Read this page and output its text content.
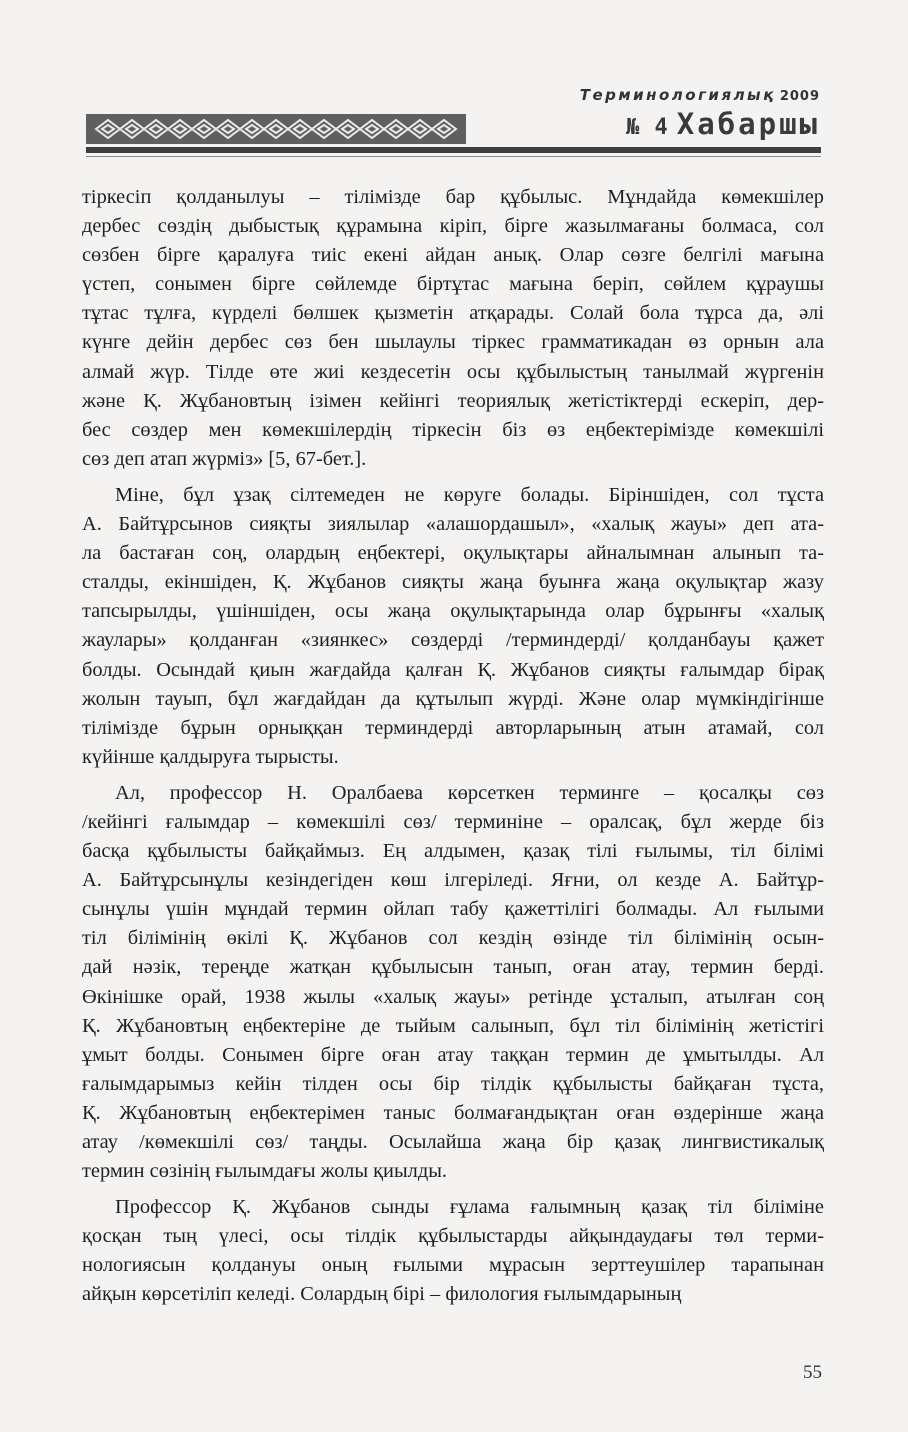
Терминологиялық 2009
№ 4 Хабаршы
тіркесіп қолданылуы – тілімізде бар құбылыс. Мұндайда көмекшілер
дербес сөздің дыбыстық құрамына кіріп, бірге жазылмағаны болмаса, сол
сөзбен бірге қаралуға тиіс екені айдан анық. Олар сөзге белгілі мағына
үстеп, сонымен бірге сөйлемде біртұтас мағына беріп, сөйлем құраушы
тұтас тұлға, күрделі бөлшек қызметін атқарады. Солай бола тұрса да, әлі
күнге дейін дербес сөз бен шылаулы тіркес грамматикадан өз орнын ала
алмай жүр. Тілде өте жиі кездесетін осы құбылыстың танылмай жүргенін
және Қ. Жұбановтың ізімен кейінгі теориялық жетістіктерді ескеріп, дер-
бес сөздер мен көмекшілердің тіркесін біз өз еңбектерімізде көмекшілі
сөз деп атап жүрміз» [5, 67-бет.].
Міне, бұл ұзақ сілтемеден не көруге болады. Біріншіден, сол тұста
А. Байтұрсынов сияқты зиялылар «алашордашыл», «халық жауы» деп ата-
ла бастаған соң, олардың еңбектері, оқулықтары айналымнан алынып та-
сталды, екіншіден, Қ. Жұбанов сияқты жаңа буынға жаңа оқулықтар жазу
тапсырылды, үшіншіден, осы жаңа оқулықтарында олар бұрынғы «халық
жаулары» қолданған «зиянкес» сөздерді /терминдерді/ қолданбауы қажет
болды. Осындай қиын жағдайда қалған Қ. Жұбанов сияқты ғалымдар бірақ
жолын тауып, бұл жағдайдан да құтылып жүрді. Және олар мүмкіндігінше
тілімізде бұрын орныққан терминдерді авторларының атын атамай, сол
күйінше қалдыруға тырысты.
Ал, профессор Н. Оралбаева көрсеткен терминге – қосалқы сөз
/кейінгі ғалымдар – көмекшілі сөз/ терминіне – оралсақ, бұл жерде біз
басқа құбылысты байқаймыз. Ең алдымен, қазақ тілі ғылымы, тіл білімі
А. Байтұрсынұлы кезіндегіден көш ілгеріледі. Яғни, ол кезде А. Байтұр-
сынұлы үшін мұндай термин ойлап табу қажеттілігі болмады. Ал ғылыми
тіл білімінің өкілі Қ. Жұбанов сол кездің өзінде тіл білімінің осын-
дай нәзік, тереңде жатқан құбылысын танып, оған атау, термин берді.
Өкінішке орай, 1938 жылы «халық жауы» ретінде ұсталып, атылған соң
Қ. Жұбановтың еңбектеріне де тыйым салынып, бұл тіл білімінің жетістігі
ұмыт болды. Сонымен бірге оған атау таққан термин де ұмытылды. Ал
ғалымдарымыз кейін тілден осы бір тілдік құбылысты байқаған тұста,
Қ. Жұбановтың еңбектерімен таныс болмағандықтан оған өздерінше жаңа
атау /көмекшілі сөз/ таңды. Осылайша жаңа бір қазақ лингвистикалық
термин сөзінің ғылымдағы жолы қиылды.
Профессор Қ. Жұбанов сынды ғұлама ғалымның қазақ тіл біліміне
қосқан тың үлесі, осы тілдік құбылыстарды айқындаудағы төл терми-
нологиясын қолдануы оның ғылыми мұрасын зерттеушілер тарапынан
айқын көрсетіліп келеді. Солардың бірі – филология ғылымдарының
55
